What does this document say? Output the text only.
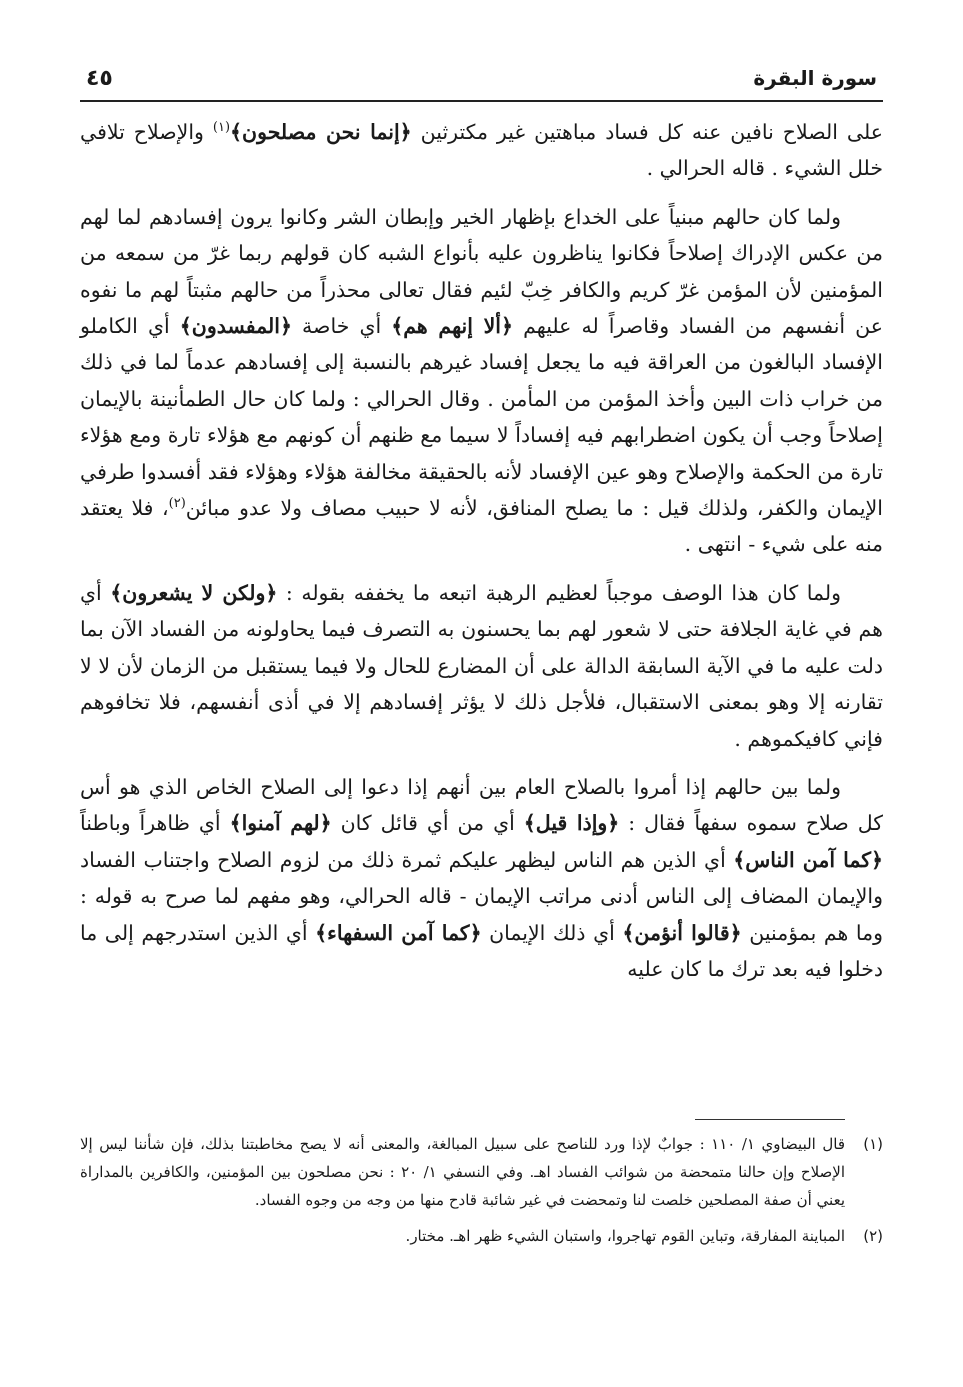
٤٥	سورة البقرة

على الصلاح نافين عنه كل فساد مباهتين غير مكترثين ﴿إنما نحن مصلحون﴾$^{(١)}$ والإصلاح تلافي خلل الشيء . قاله الحرالي .

ولما كان حالهم مبنياً على الخداع بإظهار الخير وإبطان الشر وكانوا يرون إفسادهم لما لهم من عكس الإدراك إصلاحاً فكانوا يناظرون عليه بأنواع الشبه كان قولهم ربما غرّ من سمعه من المؤمنين لأن المؤمن غرّ كريم والكافر خِبّ لئيم فقال تعالى محذراً من حالهم مثبتاً لهم ما نفوه عن أنفسهم من الفساد وقاصراً له عليهم ﴿ألا إنهم هم﴾ أي خاصة ﴿المفسدون﴾ أي الكاملو الإفساد البالغون من العراقة فيه ما يجعل إفساد غيرهم بالنسبة إلى إفسادهم عدماً لما في ذلك من خراب ذات البين وأخذ المؤمن من المأمن . وقال الحرالي : ولما كان حال الطمأنينة بالإيمان إصلاحاً وجب أن يكون اضطرابهم فيه إفساداً لا سيما مع ظنهم أن كونهم مع هؤلاء تارة ومع هؤلاء تارة من الحكمة والإصلاح وهو عين الإفساد لأنه بالحقيقة مخالفة هؤلاء وهؤلاء فقد أفسدوا طرفي الإيمان والكفر، ولذلك قيل : ما يصلح المنافق، لأنه لا حبيب مصاف ولا عدو مبائن$^{(٢)}$، فلا يعتقد منه على شيء - انتهى .

ولما كان هذا الوصف موجباً لعظيم الرهبة اتبعه ما يخففه بقوله : ﴿ولكن لا يشعرون﴾ أي هم في غاية الجلافة حتى لا شعور لهم بما يحسنون به التصرف فيما يحاولونه من الفساد الآن بما دلت عليه ما في الآية السابقة الدالة على أن المضارع للحال ولا فيما يستقبل من الزمان لأن لا لا تقارنه إلا وهو بمعنى الاستقبال، فلأجل ذلك لا يؤثر إفسادهم إلا في أذى أنفسهم، فلا تخافوهم فإني كافيكموهم .

ولما بين حالهم إذا أمروا بالصلاح العام بين أنهم إذا دعوا إلى الصلاح الخاص الذي هو أس كل صلاح سموه سفهاً فقال : ﴿وإذا قيل﴾ أي من أي قائل كان ﴿لهم آمنوا﴾ أي ظاهراً وباطناً ﴿كما آمن الناس﴾ أي الذين هم الناس ليظهر عليكم ثمرة ذلك من لزوم الصلاح واجتناب الفساد والإيمان المضاف إلى الناس أدنى مراتب الإيمان - قاله الحرالي، وهو مفهم لما صرح به قوله : وما هم بمؤمنين ﴿قالوا أنؤمن﴾ أي ذلك الإيمان ﴿كما آمن السفهاء﴾ أي الذين استدرجهم إلى ما دخلوا فيه بعد ترك ما كان عليه

(١)قال البيضاوي ١/ ١١٠ : جوابٌ لإذا ورد للناصح على سبيل المبالغة، والمعنى أنه لا يصح مخاطبتنا بذلك، فإن شأننا ليس إلا الإصلاح وإن حالنا متمحضة من شوائب الفساد اهـ. وفي النسفي ١/ ٢٠ : نحن مصلحون بين المؤمنين، والكافرين بالمداراة يعني أن صفة المصلحين خلصت لنا وتمحضت في غير شائبة قادح منها من وجه من وجوه الفساد.

(٢)المباينة المفارقة، وتباين القوم تهاجروا، واستبان الشيء ظهر اهـ. مختار.
